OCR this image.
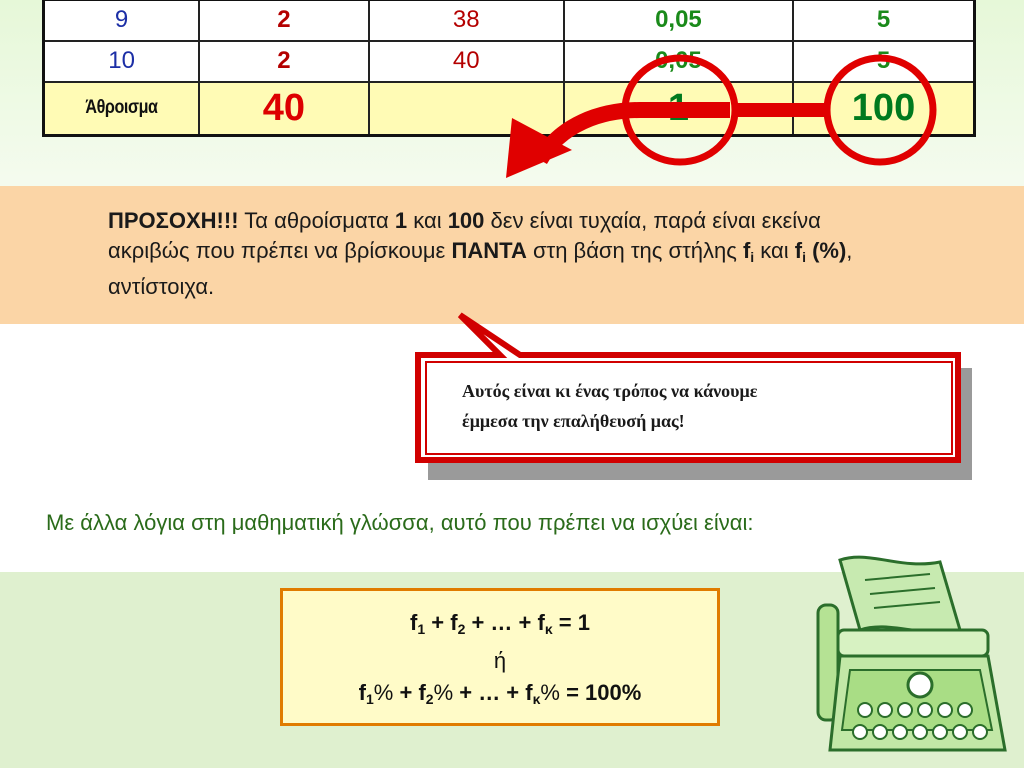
9	2	38	0,05	5
10	2	40	0,05	5
Άθροισμα	40		1	100
ΠΡΟΣΟΧΗ!!! Τα αθροίσματα 1 και 100 δεν είναι τυχαία, παρά είναι εκείνα ακριβώς που πρέπει να βρίσκουμε ΠΑΝΤΑ στη βάση της στήλης $f_i$ και $f_i$ (%), αντίστοιχα.
Αυτός είναι κι ένας τρόπος να κάνουμε
έμμεσα την επαλήθευσή μας!
Με άλλα λόγια στη μαθηματική γλώσσα, αυτό που πρέπει να ισχύει είναι:
$f_1 + f_2$ + … + $f_\kappa = 1$
ή
$f_1\% + f_2\%$ + … + $f_\kappa\% = 100\%$
